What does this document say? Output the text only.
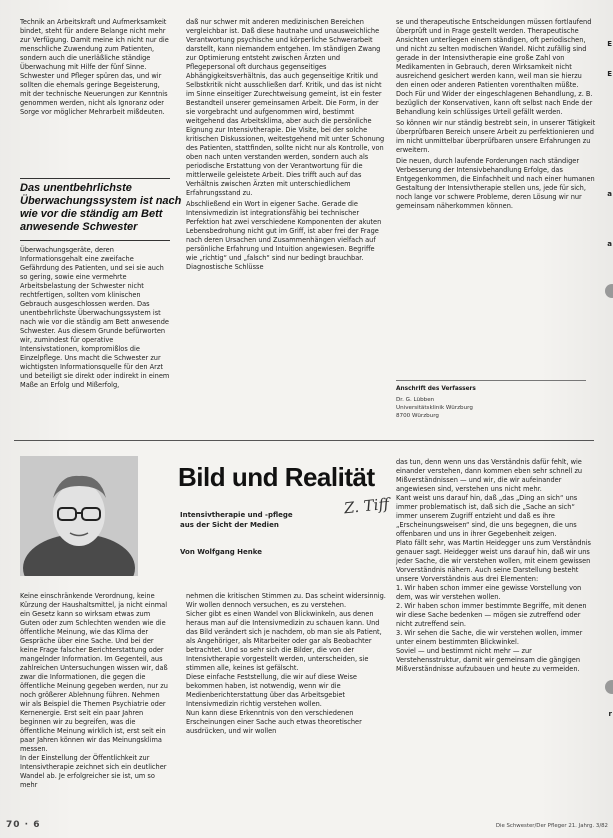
Technik an Arbeitskraft und Aufmerksamkeit bindet, steht für andere Belange nicht mehr zur Verfügung. Damit meine ich nicht nur die menschliche Zuwendung zum Patienten, sondern auch die unerläßliche ständige Überwachung mit Hilfe der fünf Sinne. Schwester und Pfleger spüren das, und wir sollten die ehemals geringe Begeisterung, mit der technische Neuerungen zur Kenntnis genommen werden, nicht als Ignoranz oder Sorge vor möglicher Mehrarbeit mißdeuten.

Das unentbehrlichste
Überwachungssystem ist nach
wie vor die ständig am Bett
anwesende Schwester

Überwachungsgeräte, deren Informationsgehalt eine zweifache Gefährdung des Patienten, und sei sie auch so gering, sowie eine vermehrte Arbeitsbelastung der Schwester nicht rechtfertigen, sollten vom klinischen Gebrauch ausgeschlossen werden. Das unentbehrlichste Überwachungssystem ist nach wie vor die ständig am Bett anwesende Schwester. Aus diesem Grunde befürworten wir, zumindest für operative Intensivstationen, kompromißlos die Einzelpflege. Uns macht die Schwester zur wichtigsten Informationsquelle für den Arzt und beteiligt sie direkt oder indirekt in einem Maße an Erfolg und Mißerfolg,

daß nur schwer mit anderen medizinischen Bereichen vergleichbar ist. Daß diese hautnahe und unausweichliche Verantwortung psychische und körperliche Schwerarbeit darstellt, kann niemandem entgehen. Im ständigen Zwang zur Optimierung entsteht zwischen Ärzten und Pflegepersonal oft durchaus gegenseitiges Abhängigkeitsverhältnis, das auch gegenseitige Kritik und Selbstkritik nicht ausschließen darf. Kritik, und das ist nicht im Sinne einseitiger Zurechtweisung gemeint, ist ein fester Bestandteil unserer gemeinsamen Arbeit. Die Form, in der sie vorgebracht und aufgenommen wird, bestimmt weitgehend das Arbeitsklima, aber auch die persönliche Eignung zur Intensivtherapie. Die Visite, bei der solche kritischen Diskussionen, weitestgehend mit unter Schonung des Patienten, stattfinden, sollte nicht nur als Kontrolle, von oben nach unten verstanden werden, sondern auch als periodische Erstattung von der Verantwortung für die mittlerweile geleistete Arbeit. Dies trifft auch auf das Verhältnis zwischen Ärzten mit unterschiedlichem Erfahrungsstand zu.

Abschließend ein Wort in eigener Sache. Gerade die Intensivmedizin ist integrationsfähig bei technischer Perfektion hat zwei verschiedene Komponenten der akuten Lebensbedrohung nicht gut im Griff, ist aber frei der Frage nach deren Ursachen und Zusammenhängen vielfach auf persönliche Erfahrung und Intuition angewiesen. Begriffe wie „richtig“ und „falsch“ sind nur bedingt brauchbar. Diagnostische Schlüsse

se und therapeutische Entscheidungen müssen fortlaufend überprüft und in Frage gestellt werden. Therapeutische Ansichten unterliegen einem ständigen, oft periodischen, und nicht zu selten modischen Wandel. Nicht zufällig sind gerade in der Intensivtherapie eine große Zahl von Medikamenten in Gebrauch, deren Wirksamkeit nicht ausreichend gesichert werden kann, weil man sie hierzu den einen oder anderen Patienten vorenthalten müßte. Doch Für und Wider der eingeschlagenen Behandlung, z. B. bezüglich der Konservativen, kann oft selbst nach Ende der Behandlung kein schlüssiges Urteil gefällt werden.

So können wir nur ständig bestrebt sein, in unserer Tätigkeit überprüfbaren Bereich unsere Arbeit zu perfektionieren und im nicht unmittelbar überprüfbaren unsere Erfahrungen zu erweitern.

Die neuen, durch laufende Forderungen nach ständiger Verbesserung der Intensivbehandlung Erfolge, das Entgegenkommen, die Einfachheit und nach einer humanen Gestaltung der Intensivtherapie stellen uns, jede für sich, noch lange vor schwere Probleme, deren Lösung wir nur gemeinsam näherkommen können.

Anschrift des Verfassers
Dr. G. Lübben
Universitätsklinik Würzburg
8700 Würzburg
Bild und Realität
Z. Tiff
Intensivtherapie und -pflege
aus der Sicht der Medien
Von Wolfgang Henke

Keine einschränkende Verordnung, keine Kürzung der Haushaltsmittel, ja nicht einmal ein Gesetz kann so wirksam etwas zum Guten oder zum Schlechten wenden wie die öffentliche Meinung, wie das Klima der Gespräche über eine Sache. Und bei der keine Frage falscher Berichterstattung oder mangelnder Information. Im Gegenteil, aus zahlreichen Untersuchungen wissen wir, daß zwar die Informationen, die gegen die öffentliche Meinung gegeben werden, nur zu noch größerer Ablehnung führen. Nehmen wir als Beispiel die Themen Psychiatrie oder Kernenergie. Erst seit ein paar Jahren beginnen wir zu begreifen, was die öffentliche Meinung wirklich ist, erst seit ein paar Jahren können wir das Meinungsklima messen.
In der Einstellung der Öffentlichkeit zur Intensivtherapie zeichnet sich ein deutlicher Wandel ab. Je erfolgreicher sie ist, um so mehr

nehmen die kritischen Stimmen zu. Das scheint widersinnig. Wir wollen dennoch versuchen, es zu verstehen.
Sicher gibt es einen Wandel von Blickwinkeln, aus denen heraus man auf die Intensivmedizin zu schauen kann. Und das Bild verändert sich je nachdem, ob man sie als Patient, als Angehöriger, als Mitarbeiter oder gar als Beobachter betrachtet. Und so sehr sich die Bilder, die von der Intensivtherapie vorgestellt werden, unterscheiden, sie stimmen alle, keines ist gefälscht.
Diese einfache Feststellung, die wir auf diese Weise bekommen haben, ist notwendig, wenn wir die Medienberichterstattung über das Arbeitsgebiet Intensivmedizin richtig verstehen wollen.
Nun kann diese Erkenntnis von den verschiedenen Erscheinungen einer Sache auch etwas theoretischer ausdrücken, und wir wollen

das tun, denn wenn uns das Verständnis dafür fehlt, wie einander verstehen, dann kommen eben sehr schnell zu Mißverständnissen — und wir, die wir aufeinander angewiesen sind, verstehen uns nicht mehr.
Kant weist uns darauf hin, daß „das „Ding an sich“ uns immer problematisch ist, daß sich die „Sache an sich“ immer unserem Zugriff entzieht und daß es ihre „Erscheinungsweisen“ sind, die uns begegnen, die uns offenbaren und uns in ihrer Gegebenheit zeigen.
Plato fällt sehr, was Martin Heidegger uns zum Verständnis genauer sagt. Heidegger weist uns darauf hin, daß wir uns jeder Sache, die wir verstehen wollen, mit einem gewissen Vorverständnis nähern. Auch seine Darstellung besteht unsere Vorverständnis aus drei Elementen:
1. Wir haben schon immer eine gewisse Vorstellung von dem, was wir verstehen wollen.
2. Wir haben schon immer bestimmte Begriffe, mit denen wir diese Sache bedenken — mögen sie zutreffend oder nicht zutreffend sein.
3. Wir sehen die Sache, die wir verstehen wollen, immer unter einem bestimmten Blickwinkel.
Soviel — und bestimmt nicht mehr — zur Verstehensstruktur, damit wir gemeinsam die gängigen Mißverständnisse aufzubauen und heute zu vermeiden.

70 · 6	Die Schwester/Der Pfleger 21. Jahrg. 3/82
E
E
a
a
r
